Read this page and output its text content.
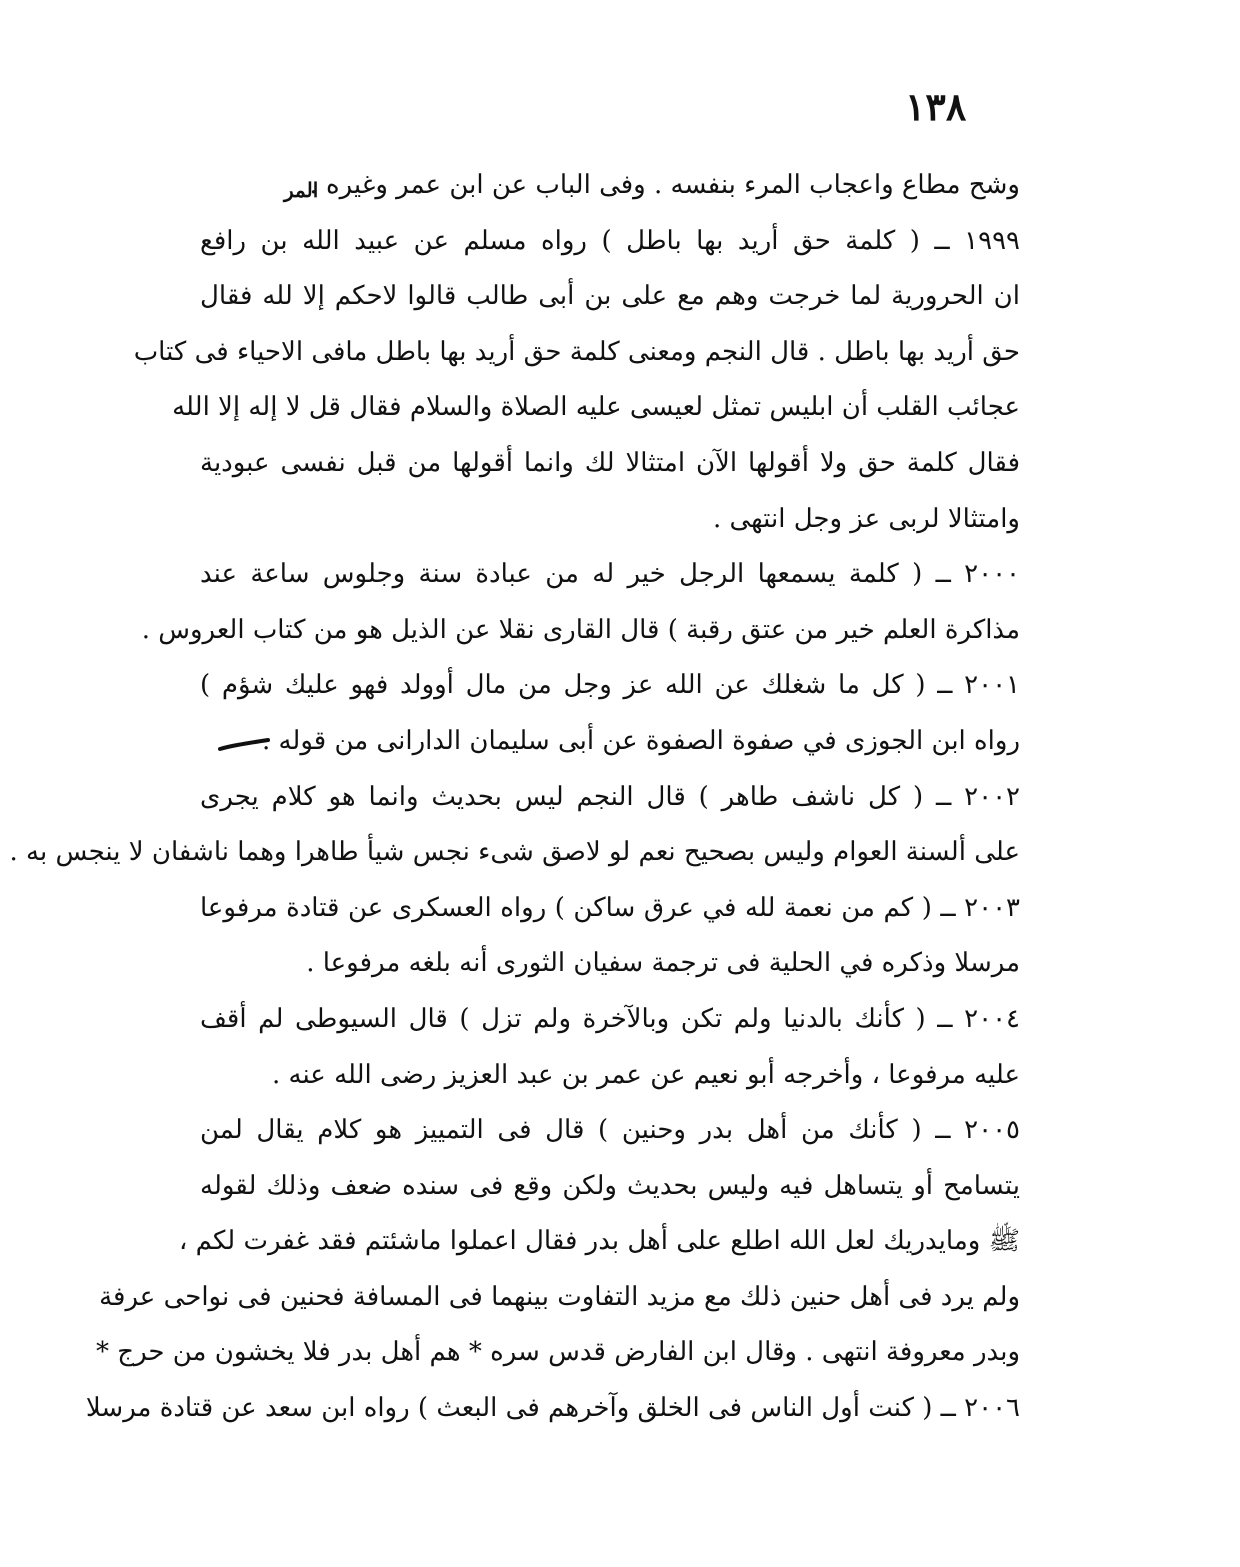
١٣٨
المر
وشح مطاع واعجاب المرء بنفسه . وفى الباب عن ابن عمر وغيره .
١٩٩٩ ــ ( كلمة حق أريد بها باطل ) رواه مسلم عن عبيد الله بن رافع
ان الحرورية لما خرجت وهم مع على بن أبى طالب قالوا لاحكم إلا لله فقال
حق أريد بها باطل . قال النجم ومعنى كلمة حق أريد بها باطل مافى الاحياء فى كتاب
عجائب القلب أن ابليس تمثل لعيسى عليه الصلاة والسلام فقال قل لا إله إلا الله
فقال كلمة حق ولا أقولها الآن امتثالا لك وانما أقولها من قبل نفسى عبودية
وامتثالا لربى عز وجل انتهى .
٢٠٠٠ ــ ( كلمة يسمعها الرجل خير له من عبادة سنة وجلوس ساعة عند
مذاكرة العلم خير من عتق رقبة ) قال القارى نقلا عن الذيل هو من كتاب العروس .
٢٠٠١ ــ ( كل ما شغلك عن الله عز وجل من مال أوولد فهو عليك شؤم )
رواه ابن الجوزى في صفوة الصفوة عن أبى سليمان الدارانى من قوله .
٢٠٠٢ ــ ( كل ناشف طاهر ) قال النجم ليس بحديث وانما هو كلام يجرى
على ألسنة العوام وليس بصحيح نعم لو لاصق شىء نجس شيأ طاهرا وهما ناشفان لا ينجس به .
٢٠٠٣ ــ ( كم من نعمة لله في عرق ساكن ) رواه العسكرى عن قتادة مرفوعا
مرسلا وذكره في الحلية فى ترجمة سفيان الثورى أنه بلغه مرفوعا .
٢٠٠٤ ــ ( كأنك بالدنيا ولم تكن وبالآخرة ولم تزل ) قال السيوطى لم أقف
عليه مرفوعا ، وأخرجه أبو نعيم عن عمر بن عبد العزيز رضى الله عنه .
٢٠٠٥ ــ ( كأنك من أهل بدر وحنين ) قال فى التمييز هو كلام يقال لمن
يتسامح أو يتساهل فيه وليس بحديث ولكن وقع فى سنده ضعف وذلك لقوله
ﷺ ومايدريك لعل الله اطلع على أهل بدر فقال اعملوا ماشئتم فقد غفرت لكم ،
ولم يرد فى أهل حنين ذلك مع مزيد التفاوت بينهما فى المسافة فحنين فى نواحى عرفة
وبدر معروفة انتهى . وقال ابن الفارض قدس سره * هم أهل بدر فلا يخشون من حرج *
٢٠٠٦ ــ ( كنت أول الناس فى الخلق وآخرهم فى البعث ) رواه ابن سعد عن قتادة مرسلا
